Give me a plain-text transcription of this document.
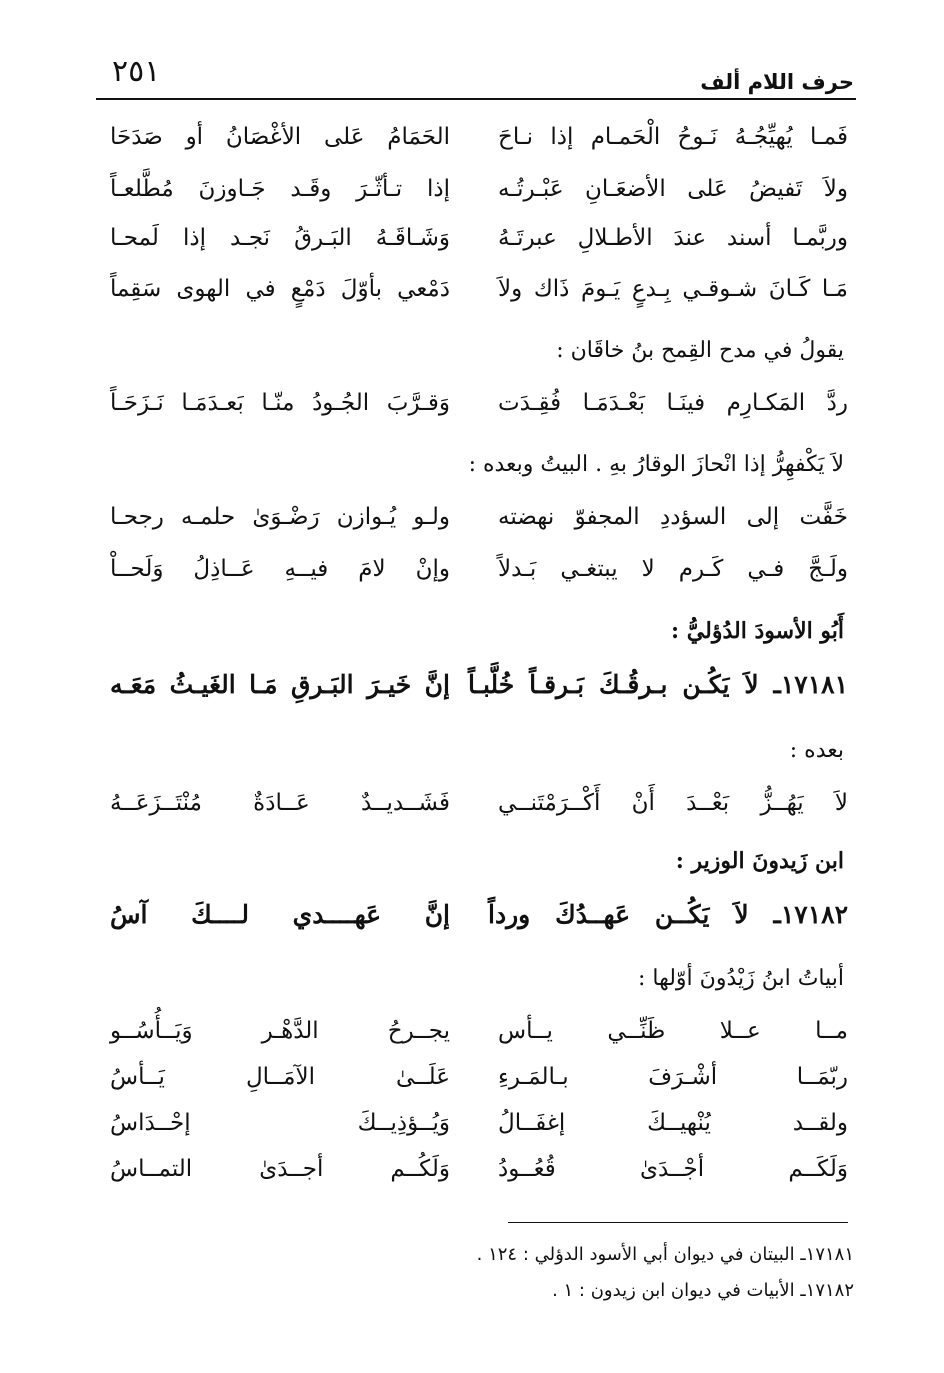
٢٥١	حرف اللام ألف
فَمـا يُهيِّجُـهُ نَـوحُ الْحَمـام إذا نـاحَ
الحَمَامُ عَلى الأغْصَانُ أو صَدَحَا
ولاَ تَفيضُ عَلى الأضعَـانِ عَبْـرتُـه
إذا تـأثّـرَ وقَـد جَـاوزنَ مُطَّلعـاً
وربَّمـا أسند عندَ الأطـلالِ عبرتَـهُ
وَشَـاقَـهُ البَـرقُ نَجـد إذا لَمحـا
مَـا كَـانَ شـوقـي بِـدعٍ يَـومَ ذَاك ولاَ
دَمْعي بأوّلَ دَمْعٍ في الهوى سَقِماً
يقولُ في مدح القِمح بنُ خاقَان :
ردَّ المَكـارِم فينَـا بَعْـدَمَـا فُقِـدَت
وَقـرَّبَ الجُـودُ منّـا بَعـدَمَـا نَـزَحَـاً
لاَ يَكْفهِرُّ إذا انْحازَ الوقارُ بهِ . البيتُ وبعده :
خَفَّت إلى السؤددِ المجفوّ نهضته
ولـو يُـوازن رَضْـوَىٰ حلمـه رجحـا
ولَـجَّ فـي كَـرم لا يبتغـي بَـدلاً
وإنْ لامَ فيــهِ عَــاذِلُ وَلَحــاْ
أَبُو الأسودَ الدُؤليُّ :
١٧١٨١ـ لاَ يَكُـن بـرقُـكَ بَـرقـاً خُلَّبـاً
إنَّ خَيـرَ البَـرقِ مَـا الغَيـثُ مَعَـه
بعده :
لاَ يَهُــزُّ بَعْــدَ أَنْ أَكْــرَمْتَنــي
فَشَــديــدٌ عَــادَةٌ مُنْتَــزَعَــهُ
ابن زَيدونَ الوزير :
١٧١٨٢ـ لاَ يَكُــن عَهــدُكَ ورداً
إنَّ عَهــــدي لــــكَ آسُ
أبياتُ ابنُ زَيْدُونَ أوّلها :
مــا عــلا ظَنِّــي يــأس
يجــرحُ الدَّهْـر وَيَــأُسُــو
ربّمَــا أشْـرَفَ بـالمَـرءِ
عَلَــىٰ الآمَــالِ يَــأسُ
ولقــد يُنْهيــكَ إغفَــالُ
وَيُــؤذِيــكَ إحْــدَاسُ
وَلَكَــم أجْــدَىٰ قُعُــودُ
وَلَكُــم أجــدَىٰ التمــاسُ
١٧١٨١ـ البيتان في ديوان أبي الأسود الدؤلي : ١٢٤ .
١٧١٨٢ـ الأبيات في ديوان ابن زيدون : ١ .
